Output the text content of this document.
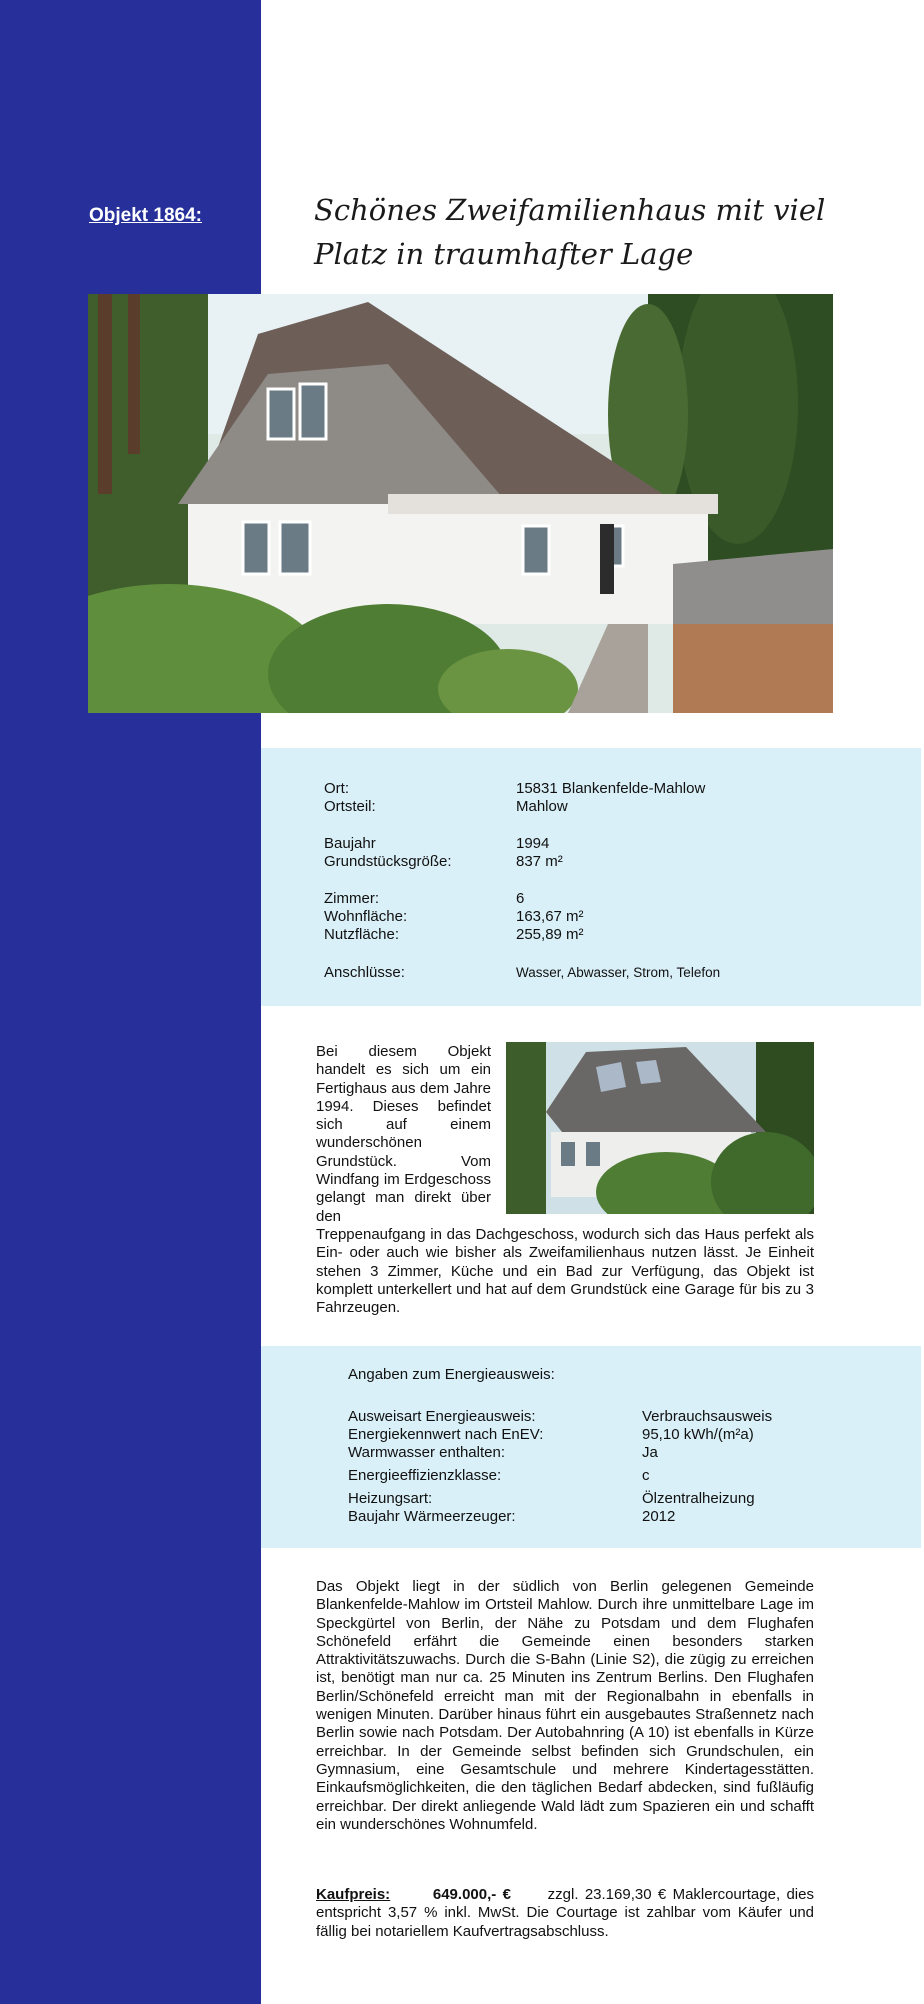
Objekt 1864:	Schönes Zweifamilienhaus mit viel Platz in traumhafter Lage
Ort:	15831 Blankenfelde-Mahlow
Ortsteil:	Mahlow
Baujahr	1994
Grundstücksgröße:	837 m²
Zimmer:	6
Wohnfläche:	163,67 m²
Nutzfläche:	255,89 m²
Anschlüsse:	Wasser, Abwasser, Strom, Telefon
Bei diesem Objekt handelt es sich um ein Fertighaus aus dem Jahre 1994. Dieses befindet sich auf einem wunderschönen Grundstück. Vom Windfang im Erdgeschoss gelangt man direkt über den
Treppenaufgang in das Dachgeschoss, wodurch sich das Haus perfekt als Ein- oder auch wie bisher als Zweifamilienhaus nutzen lässt. Je Einheit stehen 3 Zimmer, Küche und ein Bad zur Verfügung, das Objekt ist komplett unterkellert und hat auf dem Grundstück eine Garage für bis zu 3 Fahrzeugen.
Angaben zum Energieausweis:
Ausweisart Energieausweis:	Verbrauchsausweis
Energiekennwert nach EnEV:	95,10 kWh/(m²a)
Warmwasser enthalten:	Ja
Energieeffizienzklasse:	c
Heizungsart:	Ölzentralheizung
Baujahr Wärmeerzeuger:	2012
Das Objekt liegt in der südlich von Berlin gelegenen Gemeinde Blankenfelde-Mahlow im Ortsteil Mahlow. Durch ihre unmittelbare Lage im Speckgürtel von Berlin, der Nähe zu Potsdam und dem Flughafen Schönefeld erfährt die Gemeinde einen besonders starken Attraktivitätszuwachs. Durch die S-Bahn (Linie S2), die zügig zu erreichen ist, benötigt man nur ca. 25 Minuten ins Zentrum Berlins. Den Flughafen Berlin/Schönefeld erreicht man mit der Regionalbahn in ebenfalls in wenigen Minuten. Darüber hinaus führt ein ausgebautes Straßennetz nach Berlin sowie nach Potsdam. Der Autobahnring (A 10) ist ebenfalls in Kürze erreichbar. In der Gemeinde selbst befinden sich Grundschulen, ein Gymnasium, eine Gesamtschule und mehrere Kindertagesstätten. Einkaufsmöglichkeiten, die den täglichen Bedarf abdecken, sind fußläufig erreichbar. Der direkt anliegende Wald lädt zum Spazieren ein und schafft ein wunderschönes Wohnumfeld.
Kaufpreis:	649.000,- € zzgl. 23.169,30 € Maklercourtage, dies entspricht 3,57 % inkl. MwSt. Die Courtage ist zahlbar vom Käufer und fällig bei notariellem Kaufvertragsabschluss.
